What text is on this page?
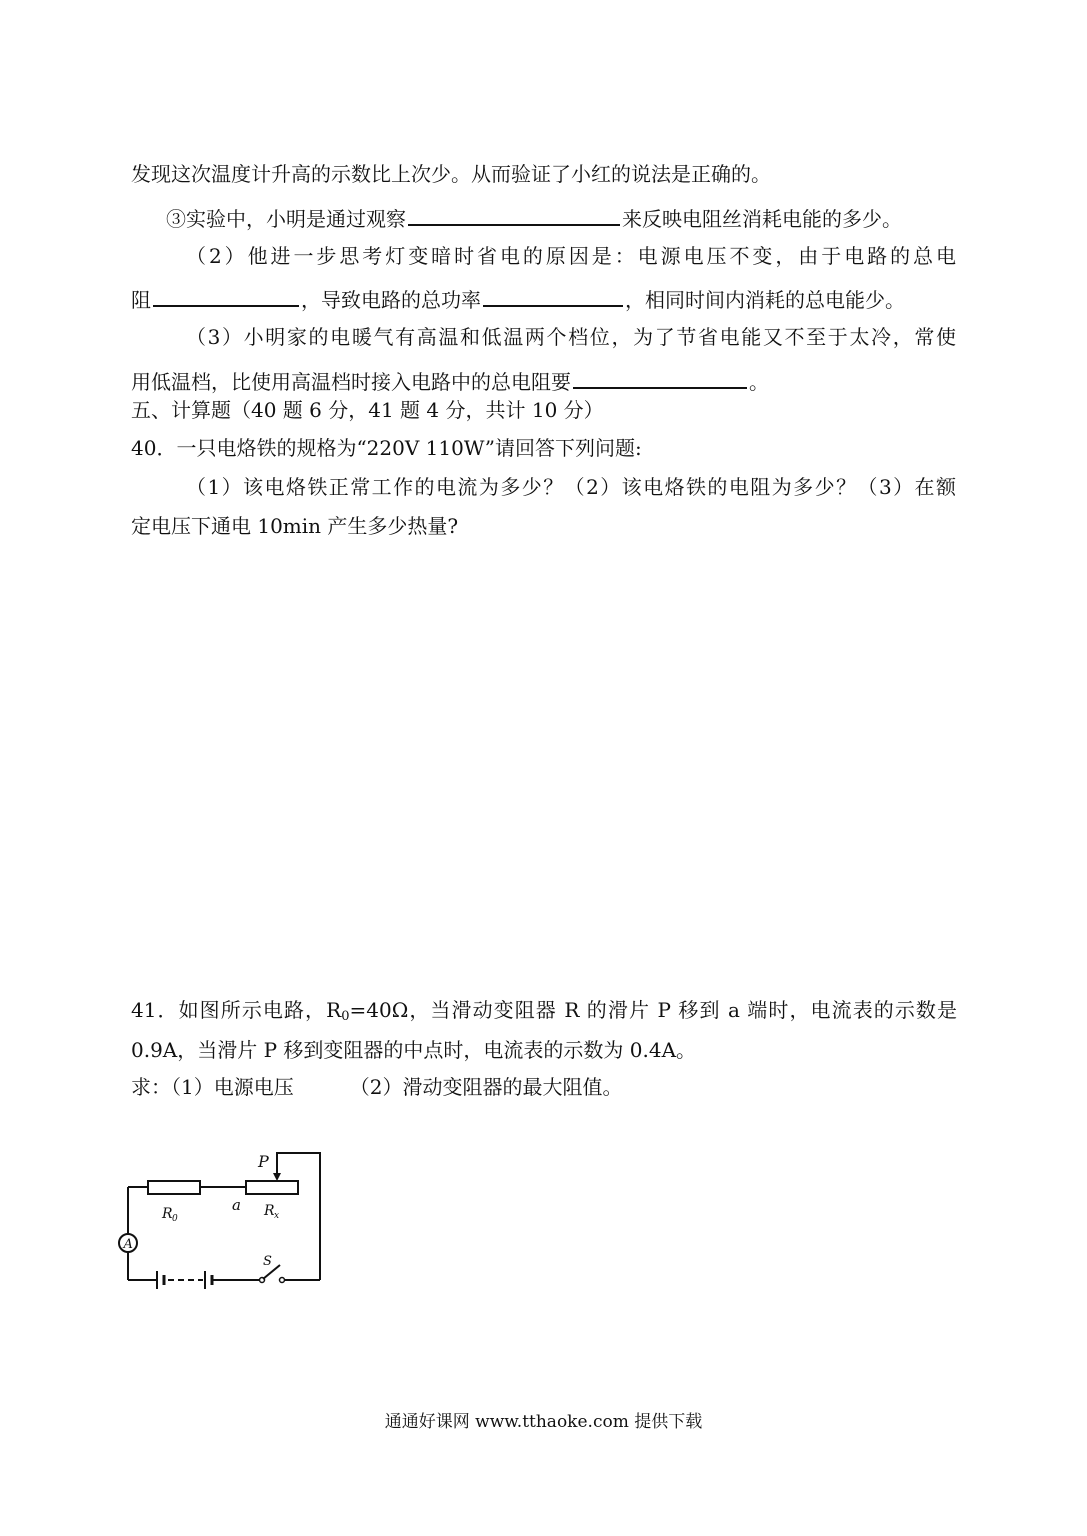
发现这次温度计升高的示数比上次少。从而验证了小红的说法是正确的。
③实验中，小明是通过观察	来反映电阻丝消耗电能的多少。
（2）他进一步思考灯变暗时省电的原因是：电源电压不变，由于电路的总电
阻	，导致电路的总功率	，相同时间内消耗的总电能少。
（3）小明家的电暖气有高温和低温两个档位，为了节省电能又不至于太冷，常使
用低温档，比使用高温档时接入电路中的总电阻要	。
五、计算题（40 题 6 分，41 题 4 分，共计 10 分）
40．一只电烙铁的规格为“220V 110W”请回答下列问题:
（1）该电烙铁正常工作的电流为多少？（2）该电烙铁的电阻为多少？（3）在额
定电压下通电 10min 产生多少热量?
41．如图所示电路，$R_0=40\Omega$，当滑动变阻器 R 的滑片 P 移到 a 端时，电流表的示数是
0.9A，当滑片 P 移到变阻器的中点时，电流表的示数为 0.4A。
求：（1）电源电压	（2）滑动变阻器的最大阻值。
A
P
R 0
a R x
S
通通好课网 www.tthaoke.com 提供下载
